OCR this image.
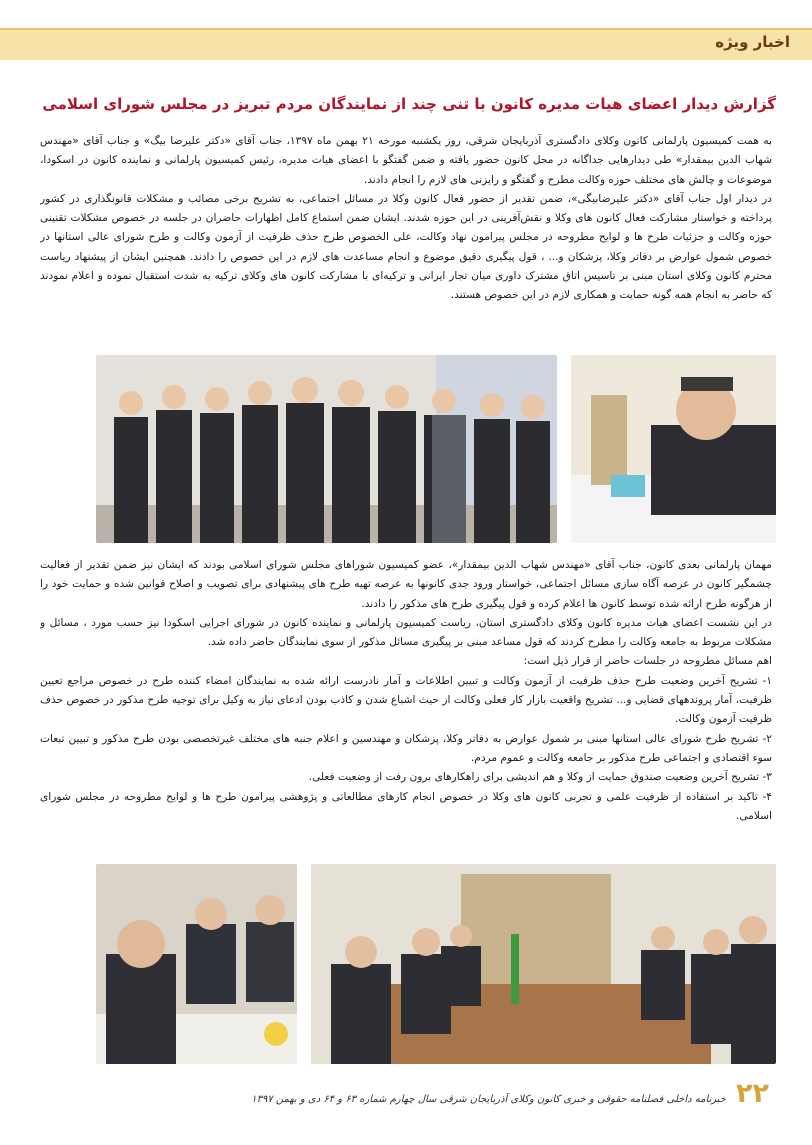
اخبار ویژه
گزارش دیدار اعضای هیات مدیره کانون با تنی چند از نمایندگان مردم تبریز در مجلس شورای اسلامی

به همت کمیسیون پارلمانی کانون وکلای دادگستری آذربایجان شرقی، روز یکشنبه مورخه ۲۱ بهمن ماه ۱۳۹۷، جناب آقای «دکتر علیرضا بیگ» و جناب آقای «مهندس شهاب الدین بیمقدار» طی دیدارهایی جداگانه در محل کانون حضور یافته و ضمن گفتگو با اعضای هیات مدیره، رئیس کمیسیون پارلمانی و نماینده کانون در اسکودا، موضوعات و چالش های مختلف حوزه وکالت مطرح و گفتگو و رایزنی های لازم را انجام دادند.

در دیدار اول جناب آقای «دکتر علیرضابیگی»، ضمن تقدیر از حضور فعال کانون وکلا در مسائل اجتماعی، به تشریح برخی مصائب و مشکلات قانونگذاری در کشور پرداخته و خواستار مشارکت فعال کانون های وکلا و نقش‌آفرینی در این حوزه شدند. ایشان ضمن استماع کامل اظهارات حاضران در جلسه در خصوص مشکلات تقنینی حوزه وکالت و جزئیات طرح ها و لوایح مطروحه در مجلس پیرامون نهاد وکالت، علی الخصوص طرح حذف ظرفیت از آزمون وکالت و طرح شورای عالی استانها در خصوص شمول عوارض بر دفاتر وکلا، پزشکان و... ، قول پیگیری دقیق موضوع و انجام مساعدت های لازم در این خصوص را دادند. همچنین ایشان از پیشنهاد ریاست محترم کانون وکلای استان مبنی بر تاسیس اتاق مشترک داوری میان تجار ایرانی و ترکیه‌ای با مشارکت کانون های وکلای ترکیه به شدت استقبال نموده و اعلام نمودند که حاضر به انجام همه گونه حمایت و همکاری لازم در این خصوص هستند.

مهمان پارلمانی بعدی کانون، جناب آقای «مهندس شهاب الدین بیمقدار»، عضو کمیسیون شوراهای مجلس شورای اسلامی بودند که ایشان نیز ضمن تقدیر از فعالیت چشمگیر کانون در عرصه آگاه سازی مسائل اجتماعی، خواستار ورود جدی کانونها به عرصه تهیه طرح های پیشنهادی برای تصویب و اصلاح قوانین شده و حمایت خود را از هرگونه طرح ارائه شده توسط کانون ها اعلام کرده و قول پیگیری طرح های مذکور را دادند.

در این نشست اعضای هیات مدیره کانون وکلای دادگستری استان، ریاست کمیسیون پارلمانی و نماینده کانون در شورای اجرایی اسکودا نیز حسب مورد ، مسائل و مشکلات مربوط به جامعه وکالت را مطرح کردند که قول مساعد مبنی بر پیگیری مسائل مذکور از سوی نمایندگان حاضر داده شد.

اهم مسائل مطروحه در جلسات حاضر از قرار ذیل است:

۱- تشریح آخرین وضعیت طرح حذف ظرفیت از آزمون وکالت و تبیین اطلاعات و آمار نادرست ارائه شده به نمایندگان امضاء کننده طرح در خصوص مراجع تعیین ظرفیت، آمار پروندههای قضایی و... تشریح واقعیت بازار کار فعلی وکالت از حیث اشباع شدن و کاذب بودن ادعای نیاز به وکیل برای توجیه طرح مذکور در خصوص حذف ظرفیت آزمون وکالت.

۲- تشریح طرح شورای عالی استانها مبنی بر شمول عوارض به دفاتر وکلا، پزشکان و مهندسین و اعلام جنبه های مختلف غیرتخصصی بودن طرح مذکور و تبیین تبعات سوء اقتصادی و اجتماعی طرح مذکور بر جامعه وکالت و عموم مردم.

۳- تشریح آخرین وضعیت صندوق حمایت از وکلا و هم اندیشی برای راهکارهای برون رفت از وضعیت فعلی.

۴- تاکید بر استفاده از ظرفیت علمی و تجربی کانون های وکلا در خصوص انجام کارهای مطالعاتی و پژوهشی پیرامون طرح ها و لوایح مطروحه در مجلس شورای اسلامی.

۲۲
خبرنامه داخلی فصلنامه حقوقی و خبری کانون وکلای آذربایجان شرقی سال چهارم شماره ۶۳ و ۶۴ دی و بهمن ۱۳۹۷
